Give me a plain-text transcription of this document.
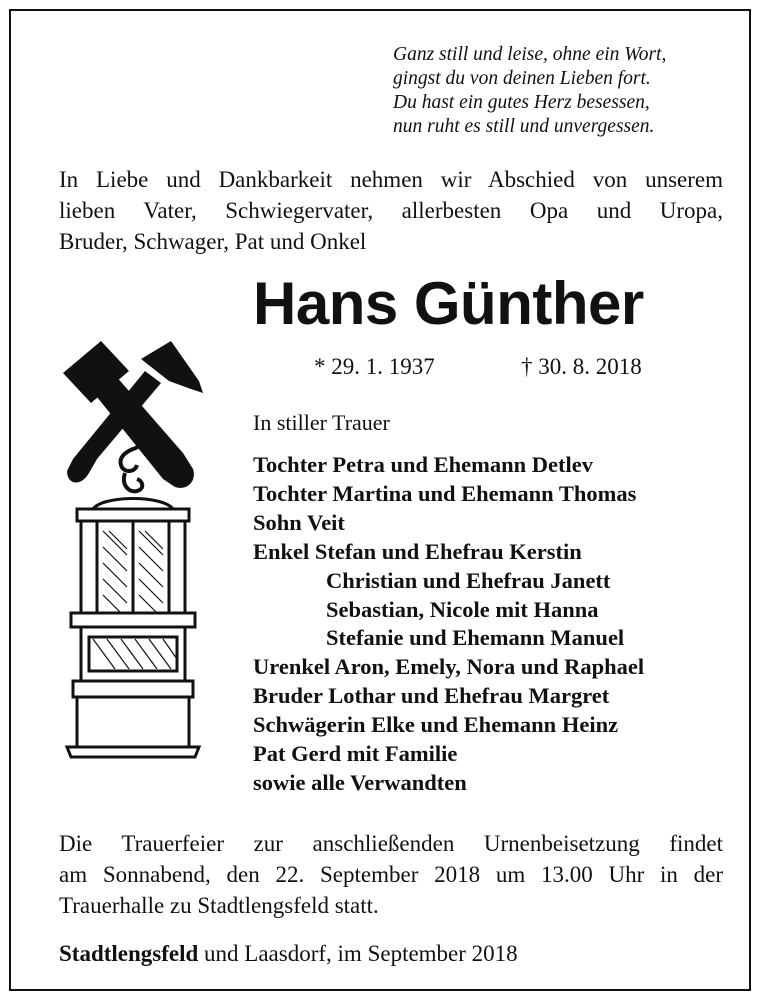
Ganz still und leise, ohne ein Wort,
gingst du von deinen Lieben fort.
Du hast ein gutes Herz besessen,
nun ruht es still und unvergessen.
In Liebe und Dankbarkeit nehmen wir Abschied von unserem
lieben Vater, Schwiegervater, allerbesten Opa und Uropa,
Bruder, Schwager, Pat und Onkel
Hans Günther
* 29. 1. 1937	† 30. 8. 2018
In stiller Trauer
Tochter Petra und Ehemann Detlev
Tochter Martina und Ehemann Thomas
Sohn Veit
Enkel Stefan und Ehefrau Kerstin
Christian und Ehefrau Janett
Sebastian, Nicole mit Hanna
Stefanie und Ehemann Manuel
Urenkel Aron, Emely, Nora und Raphael
Bruder Lothar und Ehefrau Margret
Schwägerin Elke und Ehemann Heinz
Pat Gerd mit Familie
sowie alle Verwandten
Die Trauerfeier zur anschließenden Urnenbeisetzung findet
am Sonnabend, den 22. September 2018 um 13.00 Uhr in der
Trauerhalle zu Stadtlengsfeld statt.
Stadtlengsfeld und Laasdorf, im September 2018
